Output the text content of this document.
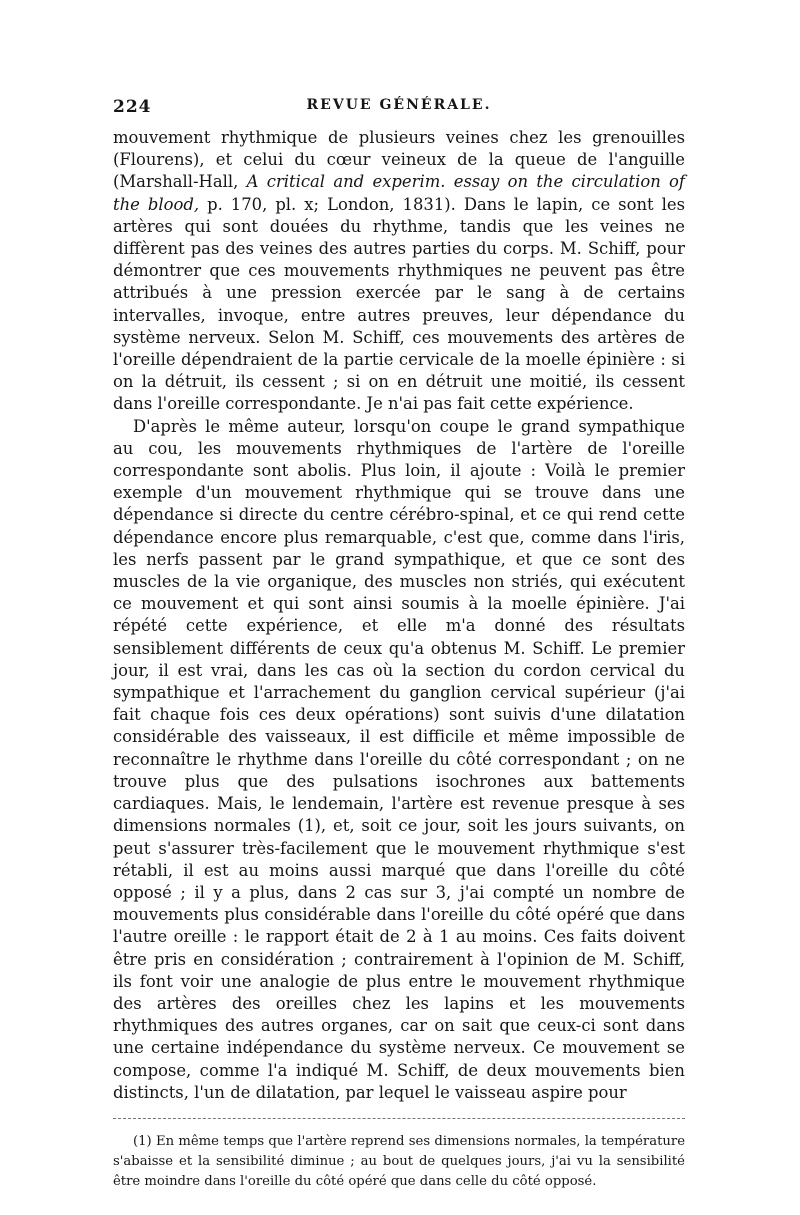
224	REVUE GÉNÉRALE.

mouvement rhythmique de plusieurs veines chez les grenouilles (Flourens), et celui du cœur veineux de la queue de l'anguille (Marshall-Hall, A critical and experim. essay on the circulation of the blood, p. 170, pl. x; London, 1831). Dans le lapin, ce sont les artères qui sont douées du rhythme, tandis que les veines ne diffèrent pas des veines des autres parties du corps. M. Schiff, pour démontrer que ces mouvements rhythmiques ne peuvent pas être attribués à une pression exercée par le sang à de certains intervalles, invoque, entre autres preuves, leur dépendance du système nerveux. Selon M. Schiff, ces mouvements des artères de l'oreille dépendraient de la partie cervicale de la moelle épinière : si on la détruit, ils cessent ; si on en détruit une moitié, ils cessent dans l'oreille correspondante. Je n'ai pas fait cette expérience.

D'après le même auteur, lorsqu'on coupe le grand sympathique au cou, les mouvements rhythmiques de l'artère de l'oreille correspondante sont abolis. Plus loin, il ajoute : Voilà le premier exemple d'un mouvement rhythmique qui se trouve dans une dépendance si directe du centre cérébro-spinal, et ce qui rend cette dépendance encore plus remarquable, c'est que, comme dans l'iris, les nerfs passent par le grand sympathique, et que ce sont des muscles de la vie organique, des muscles non striés, qui exécutent ce mouvement et qui sont ainsi soumis à la moelle épinière. J'ai répété cette expérience, et elle m'a donné des résultats sensiblement différents de ceux qu'a obtenus M. Schiff. Le premier jour, il est vrai, dans les cas où la section du cordon cervical du sympathique et l'arrachement du ganglion cervical supérieur (j'ai fait chaque fois ces deux opérations) sont suivis d'une dilatation considérable des vaisseaux, il est difficile et même impossible de reconnaître le rhythme dans l'oreille du côté correspondant ; on ne trouve plus que des pulsations isochrones aux battements cardiaques. Mais, le lendemain, l'artère est revenue presque à ses dimensions normales (1), et, soit ce jour, soit les jours suivants, on peut s'assurer très-facilement que le mouvement rhythmique s'est rétabli, il est au moins aussi marqué que dans l'oreille du côté opposé ; il y a plus, dans 2 cas sur 3, j'ai compté un nombre de mouvements plus considérable dans l'oreille du côté opéré que dans l'autre oreille : le rapport était de 2 à 1 au moins. Ces faits doivent être pris en considération ; contrairement à l'opinion de M. Schiff, ils font voir une analogie de plus entre le mouvement rhythmique des artères des oreilles chez les lapins et les mouvements rhythmiques des autres organes, car on sait que ceux-ci sont dans une certaine indépendance du système nerveux. Ce mouvement se compose, comme l'a indiqué M. Schiff, de deux mouvements bien distincts, l'un de dilatation, par lequel le vaisseau aspire pour

(1) En même temps que l'artère reprend ses dimensions normales, la température s'abaisse et la sensibilité diminue ; au bout de quelques jours, j'ai vu la sensibilité être moindre dans l'oreille du côté opéré que dans celle du côté opposé.
